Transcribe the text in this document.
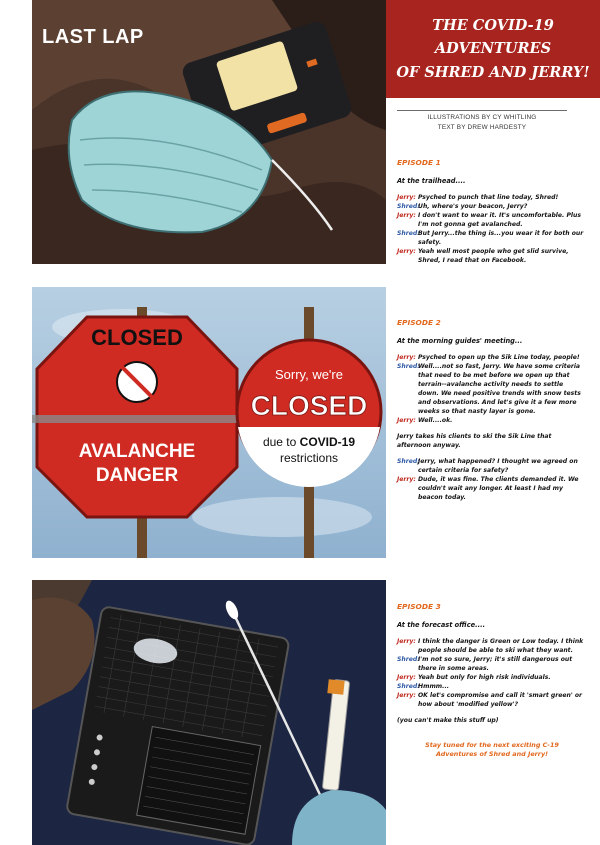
LAST LAP
THE COVID-19 ADVENTURES
OF SHRED AND JERRY!
ILLUSTRATIONS BY CY WHITLING
TEXT BY DREW HARDESTY
EPISODE 1
At the trailhead....
Jerry: Psyched to punch that line today, Shred!
Shred:Uh, where's your beacon, Jerry?
Jerry: I don't want to wear it. It's uncomfortable. Plus I'm not gonna get avalanched.
Shred:But Jerry...the thing is...you wear it for both our safety.
Jerry: Yeah well most people who get slid survive, Shred, I read that on Facebook.
CLOSED
AVALANCHE
DANGER
Sorry, we're
CLOSED
due to COVID-19
restrictions
EPISODE 2
At the morning guides' meeting...
Jerry: Psyched to open up the Sik Line today, people!
Shred:Well....not so fast, Jerry. We have some criteria that need to be met before we open up that terrain--avalanche activity needs to settle down. We need positive trends with snow tests and observations. And let's give it a few more weeks so that nasty layer is gone.
Jerry: Well....ok.
Jerry takes his clients to ski the Sik Line that afternoon anyway.
Shred:Jerry, what happened? I thought we agreed on certain criteria for safety?
Jerry: Dude, it was fine. The clients demanded it. We couldn't wait any longer. At least I had my beacon today.
EPISODE 3
At the forecast office....
Jerry: I think the danger is Green or Low today. I think people should be able to ski what they want.
Shred:I'm not so sure, Jerry; it's still dangerous out there in some areas.
Jerry: Yeah but only for high risk individuals.
Shred:Hmmm...
Jerry: OK let's compromise and call it 'smart green' or how about 'modified yellow'?
(you can't make this stuff up)
Stay tuned for the next exciting C-19
Adventures of Shred and Jerry!
